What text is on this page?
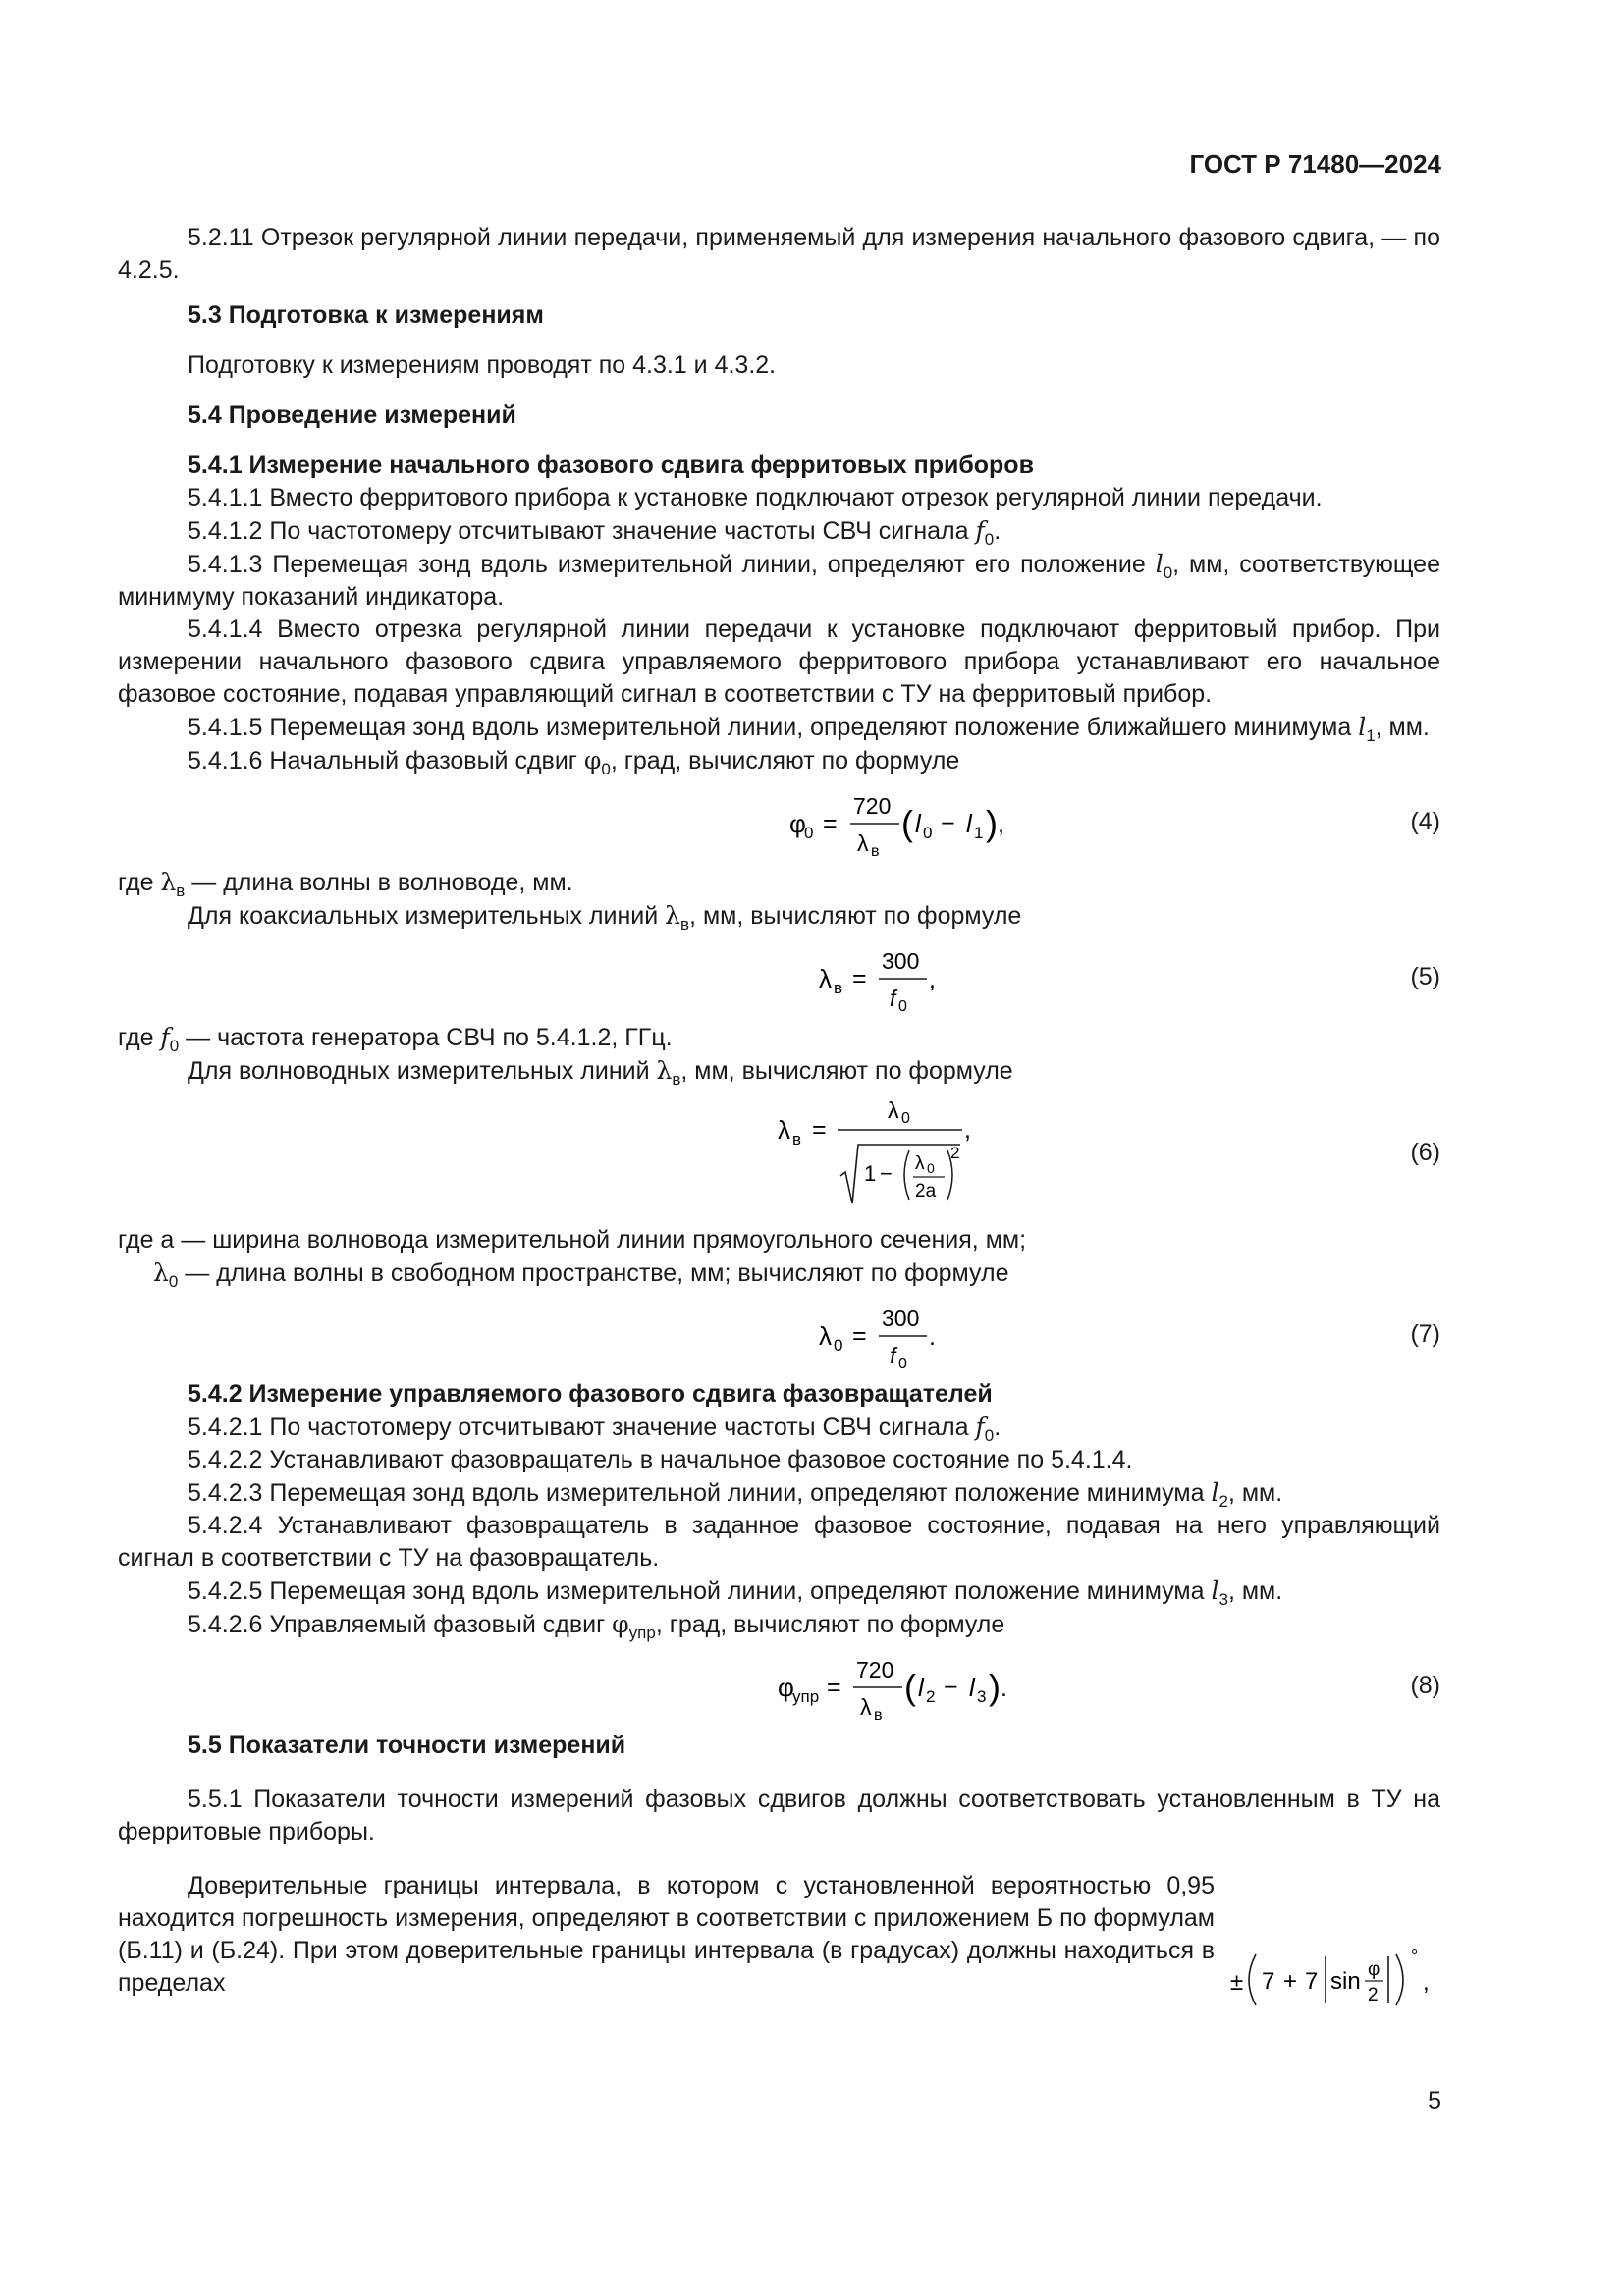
ГОСТ Р 71480—2024

5.2.11 Отрезок регулярной линии передачи, применяемый для измерения начального фазового сдвига, — по 4.2.5.

5.3 Подготовка к измерениям

Подготовку к измерениям проводят по 4.3.1 и 4.3.2.

5.4 Проведение измерений
5.4.1 Измерение начального фазового сдвига ферритовых приборов

5.4.1.1 Вместо ферритового прибора к установке подключают отрезок регулярной линии передачи.

5.4.1.2 По частотомеру отсчитывают значение частоты СВЧ сигнала $f_0$.

5.4.1.3 Перемещая зонд вдоль измерительной линии, определяют его положение $l_0$, мм, соответствующее минимуму показаний индикатора.

5.4.1.4 Вместо отрезка регулярной линии передачи к установке подключают ферритовый прибор. При измерении начального фазового сдвига управляемого ферритового прибора устанавливают его начальное фазовое состояние, подавая управляющий сигнал в соответствии с ТУ на ферритовый прибор.

5.4.1.5 Перемещая зонд вдоль измерительной линии, определяют положение ближайшего минимума $l_1$, мм.

5.4.1.6 Начальный фазовый сдвиг $\varphi_0$, град, вычисляют по формуле

φ
0 =
720
λ в
( l 0 − l 1 ) ,	(4)

где $\lambda_в$ — длина волны в волноводе, мм.

Для коаксиальных измерительных линий $\lambda_в$, мм, вычисляют по формуле

λ в =
300
f 0
,	(5)

где $f_0$ — частота генератора СВЧ по 5.4.1.2, ГГц.

Для волноводных измерительных линий $\lambda_в$, мм, вычисляют по формуле

λ в =
λ 0
1 − λ 0
2a
2
,
(6)

где а — ширина волновода измерительной линии прямоугольного сечения, мм;

$\lambda_0$ — длина волны в свободном пространстве, мм; вычисляют по формуле

λ 0 =
300
f 0
.	(7)
5.4.2 Измерение управляемого фазового сдвига фазовращателей

5.4.2.1 По частотомеру отсчитывают значение частоты СВЧ сигнала $f_0$.

5.4.2.2 Устанавливают фазовращатель в начальное фазовое состояние по 5.4.1.4.

5.4.2.3 Перемещая зонд вдоль измерительной линии, определяют положение минимума $l_2$, мм.

5.4.2.4 Устанавливают фазовращатель в заданное фазовое состояние, подавая на него управляющий сигнал в соответствии с ТУ на фазовращатель.

5.4.2.5 Перемещая зонд вдоль измерительной линии, определяют положение минимума $l_3$, мм.

5.4.2.6 Управляемый фазовый сдвиг $\varphi_{упр}$, град, вычисляют по формуле

φ
упр =
720
λ в
( l 2 − l 3 ) .	(8)
5.5 Показатели точности измерений

5.5.1 Показатели точности измерений фазовых сдвигов должны соответствовать установленным в ТУ на ферритовые приборы.

Доверительные границы интервала, в котором с установленной вероятностью 0,95 находится погрешность измерения, определяют в соответствии с приложением Б по формулам (Б.11) и (Б.24). При этом доверительные границы интервала (в градусах) должны находиться в пределах	± 7 + 7 sin φ
2
°
,
5
